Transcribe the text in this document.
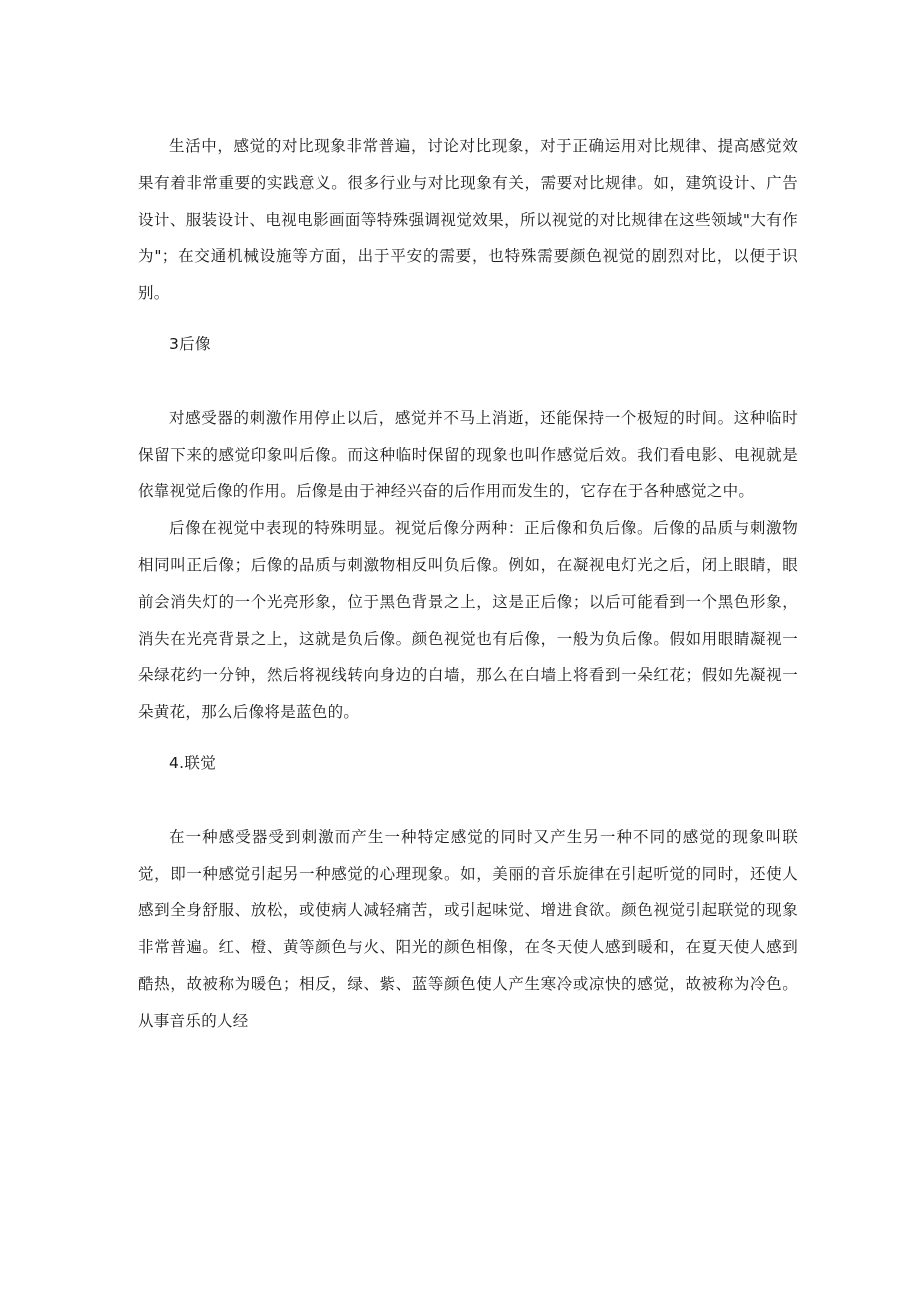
生活中，感觉的对比现象非常普遍，讨论对比现象，对于正确运用对比规律、提高感觉效果有着非常重要的实践意义。很多行业与对比现象有关，需要对比规律。如，建筑设计、广告设计、服装设计、电视电影画面等特殊强调视觉效果，所以视觉的对比规律在这些领域"大有作为"；在交通机械设施等方面，出于平安的需要，也特殊需要颜色视觉的剧烈对比，以便于识别。

3后像

对感受器的刺激作用停止以后，感觉并不马上消逝，还能保持一个极短的时间。这种临时保留下来的感觉印象叫后像。而这种临时保留的现象也叫作感觉后效。我们看电影、电视就是依靠视觉后像的作用。后像是由于神经兴奋的后作用而发生的，它存在于各种感觉之中。

后像在视觉中表现的特殊明显。视觉后像分两种：正后像和负后像。后像的品质与刺激物相同叫正后像；后像的品质与刺激物相反叫负后像。例如，在凝视电灯光之后，闭上眼睛，眼前会消失灯的一个光亮形象，位于黑色背景之上，这是正后像；以后可能看到一个黑色形象，消失在光亮背景之上，这就是负后像。颜色视觉也有后像，一般为负后像。假如用眼睛凝视一朵绿花约一分钟，然后将视线转向身边的白墙，那么在白墙上将看到一朵红花；假如先凝视一朵黄花，那么后像将是蓝色的。

4.联觉

在一种感受器受到刺激而产生一种特定感觉的同时又产生另一种不同的感觉的现象叫联觉，即一种感觉引起另一种感觉的心理现象。如，美丽的音乐旋律在引起听觉的同时，还使人感到全身舒服、放松，或使病人减轻痛苦，或引起味觉、增进食欲。颜色视觉引起联觉的现象非常普遍。红、橙、黄等颜色与火、阳光的颜色相像，在冬天使人感到暖和，在夏天使人感到酷热，故被称为暖色；相反，绿、紫、蓝等颜色使人产生寒冷或凉快的感觉，故被称为冷色。从事音乐的人经
